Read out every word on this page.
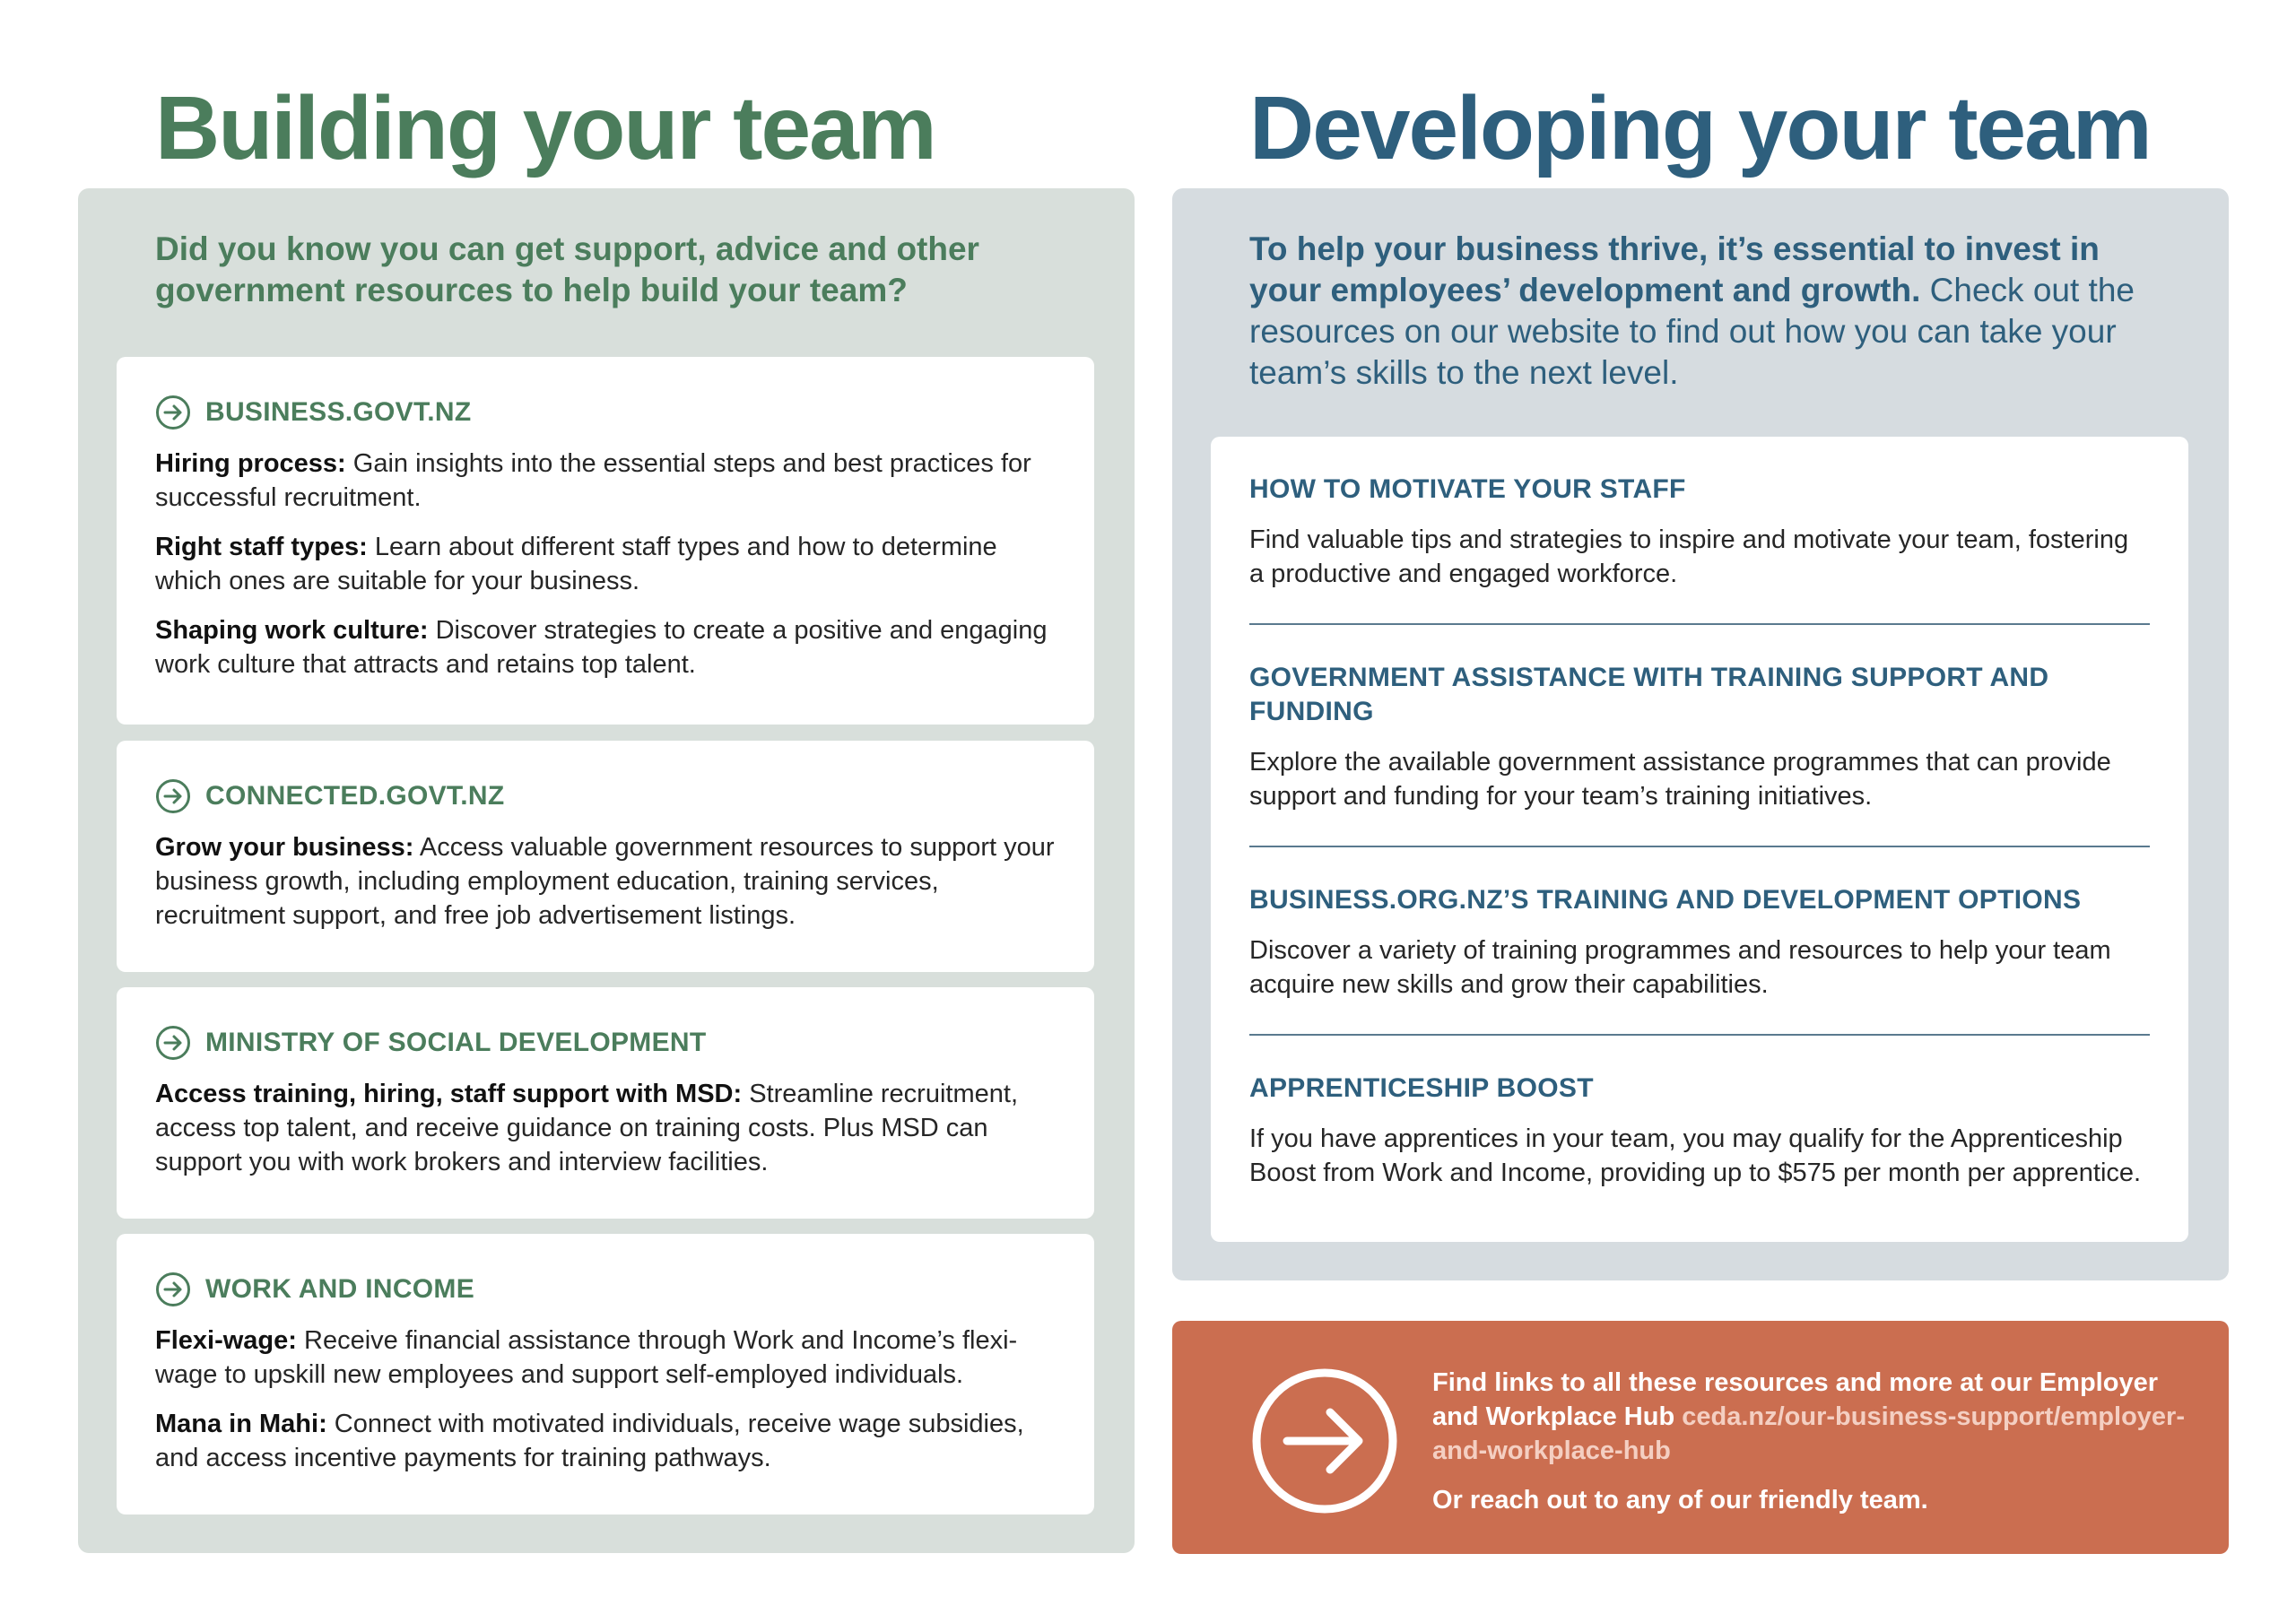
Building your team	Developing your team
Did you know you can get support, advice and other government resources to help build your team?
To help your business thrive, it’s essential to invest in your employees’ development and growth. Check out the resources on our website to find out how you can take your team’s skills to the next level.
BUSINESS.GOVT.NZ
Hiring process: Gain insights into the essential steps and best practices for successful recruitment.
Right staff types: Learn about different staff types and how to determine which ones are suitable for your business.
Shaping work culture: Discover strategies to create a positive and engaging work culture that attracts and retains top talent.
CONNECTED.GOVT.NZ
Grow your business: Access valuable government resources to support your business growth, including employment education, training services, recruitment support, and free job advertisement listings.
MINISTRY OF SOCIAL DEVELOPMENT
Access training, hiring, staff support with MSD: Streamline recruitment, access top talent, and receive guidance on training costs. Plus MSD can support you with work brokers and interview facilities.
WORK AND INCOME
Flexi-wage: Receive financial assistance through Work and Income’s flexi-wage to upskill new employees and support self-employed individuals.
Mana in Mahi: Connect with motivated individuals, receive wage subsidies, and access incentive payments for training pathways.
HOW TO MOTIVATE YOUR STAFF
Find valuable tips and strategies to inspire and motivate your team, fostering a productive and engaged workforce.
GOVERNMENT ASSISTANCE WITH TRAINING SUPPORT AND FUNDING
Explore the available government assistance programmes that can provide support and funding for your team’s training initiatives.
BUSINESS.ORG.NZ’S TRAINING AND DEVELOPMENT OPTIONS
Discover a variety of training programmes and resources to help your team acquire new skills and grow their capabilities.
APPRENTICESHIP BOOST
If you have apprentices in your team, you may qualify for the Apprenticeship Boost from Work and Income, providing up to $575 per month per apprentice.
Find links to all these resources and more at our Employer and Workplace Hub ceda.nz/our-business-support/employer-and-workplace-hub
Or reach out to any of our friendly team.
